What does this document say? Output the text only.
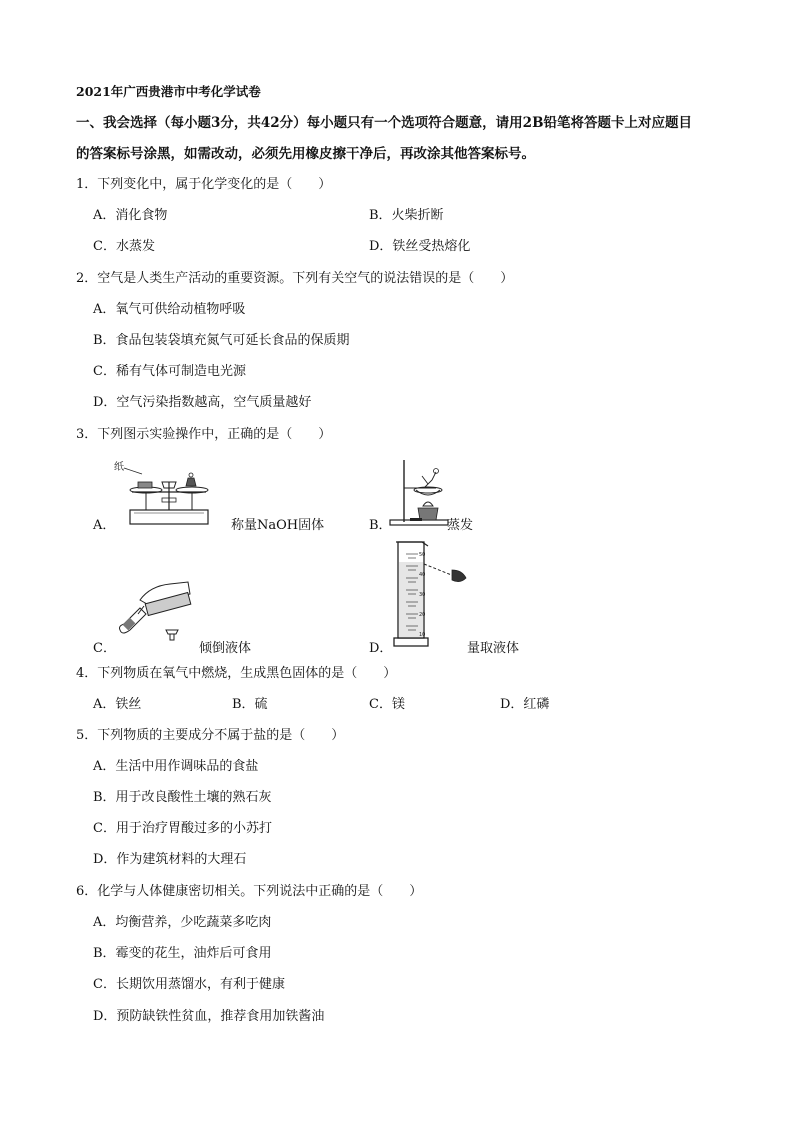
2021年广西贵港市中考化学试卷
一、我会选择（每小题3分，共42分）每小题只有一个选项符合题意，请用2B铅笔将答题卡上对应题目
的答案标号涂黑，如需改动，必须先用橡皮擦干净后，再改涂其他答案标号。
1．下列变化中，属于化学变化的是（　　）
A．消化食物	B．火柴折断
C．水蒸发	D．铁丝受热熔化
2．空气是人类生产活动的重要资源。下列有关空气的说法错误的是（　　）
A．氧气可供给动植物呼吸
B．食品包装袋填充氮气可延长食品的保质期
C．稀有气体可制造电光源
D．空气污染指数越高，空气质量越好
3．下列图示实验操作中，正确的是（　　）
A．
纸
称量NaOH固体	B．	蒸发
C．	倾倒液体	D．
50
40
30
20
10
量取液体
4．下列物质在氧气中燃烧，生成黑色固体的是（　　）
A．铁丝	B．硫	C．镁	D．红磷
5．下列物质的主要成分不属于盐的是（　　）
A．生活中用作调味品的食盐
B．用于改良酸性土壤的熟石灰
C．用于治疗胃酸过多的小苏打
D．作为建筑材料的大理石
6．化学与人体健康密切相关。下列说法中正确的是（　　）
A．均衡营养，少吃蔬菜多吃肉
B．霉变的花生，油炸后可食用
C．长期饮用蒸馏水，有利于健康
D．预防缺铁性贫血，推荐食用加铁酱油
